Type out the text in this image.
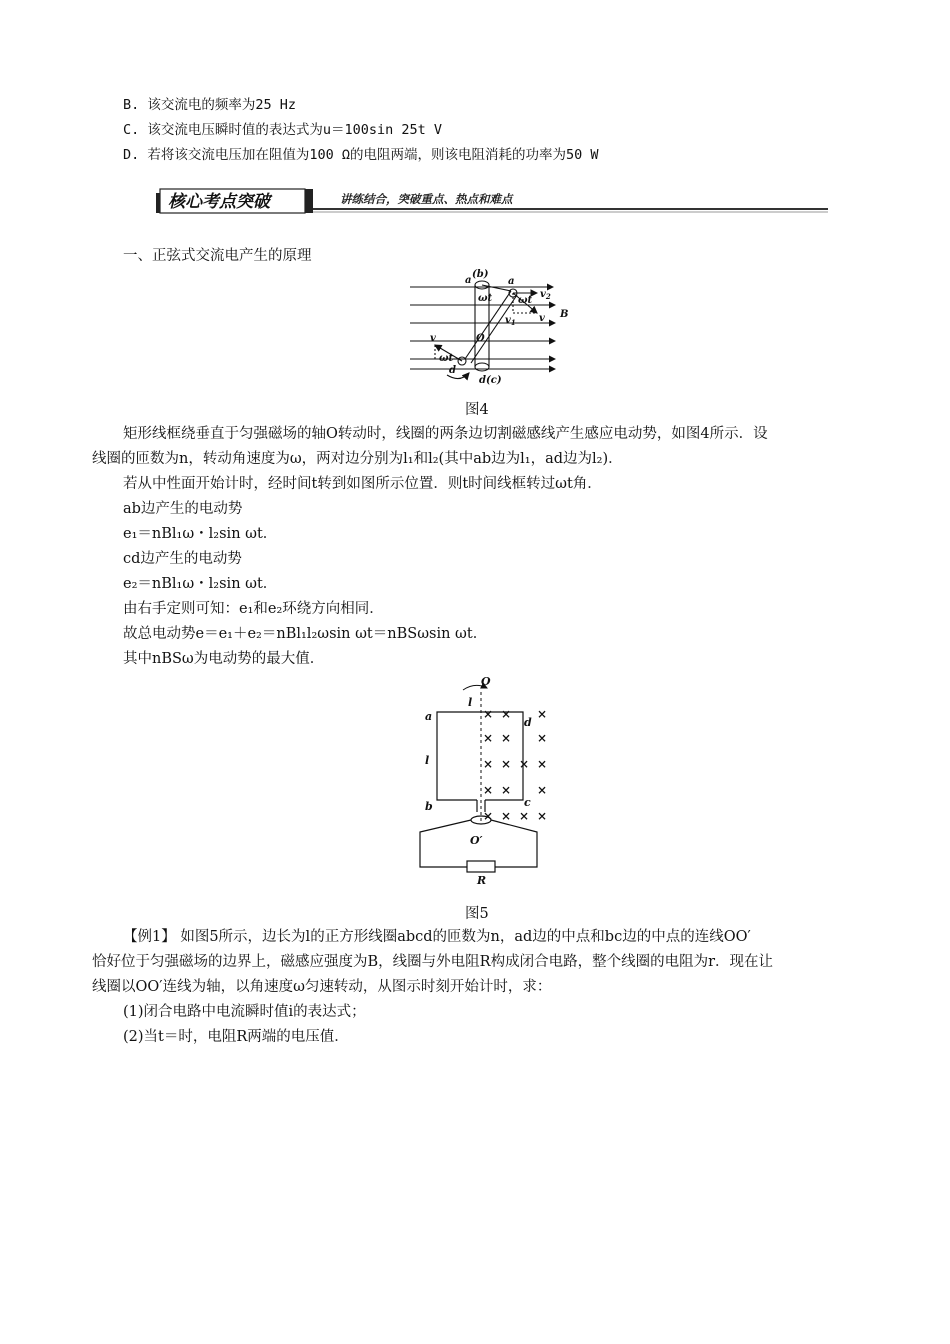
B. 该交流电的频率为25 Hz
C. 该交流电压瞬时值的表达式为u＝100sin 25t V
D. 若将该交流电压加在阻值为100 Ω的电阻两端，则该电阻消耗的功率为50 W
核心考点突破	讲练结合，突破重点、热点和难点
一、正弦式交流电产生的原理
a
(b)
a
ωt	ωt
$v_2$
$v_1$ v B
O
v
ωt
d
d(c)
图4
矩形线框绕垂直于匀强磁场的轴O转动时，线圈的两条边切割磁感线产生感应电动势，如图4所示．设
线圈的匝数为n，转动角速度为ω，两对边分别为l₁和l₂(其中ab边为l₁，ad边为l₂)．
若从中性面开始计时，经时间t转到如图所示位置．则t时间线框转过ωt角．
ab边产生的电动势
e₁＝nBl₁ω・l₂sin ωt．
cd边产生的电动势
e₂＝nBl₁ω・l₂sin ωt．
由右手定则可知：e₁和e₂环绕方向相同．
故总电动势e＝e₁＋e₂＝nBl₁l₂ωsin ωt＝nBSωsin ωt．
其中nBSω为电动势的最大值．
O
l
a	d
l
b	c
O′
R
× × ×
× × ×
× × × ×
× × ×
× × × ×
图5
【例1】 如图5所示，边长为l的正方形线圈abcd的匝数为n，ad边的中点和bc边的中点的连线OO′
恰好位于匀强磁场的边界上，磁感应强度为B，线圈与外电阻R构成闭合电路，整个线圈的电阻为r．现在让
线圈以OO′连线为轴，以角速度ω匀速转动，从图示时刻开始计时，求：
(1)闭合电路中电流瞬时值i的表达式；
(2)当t＝时，电阻R两端的电压值．
